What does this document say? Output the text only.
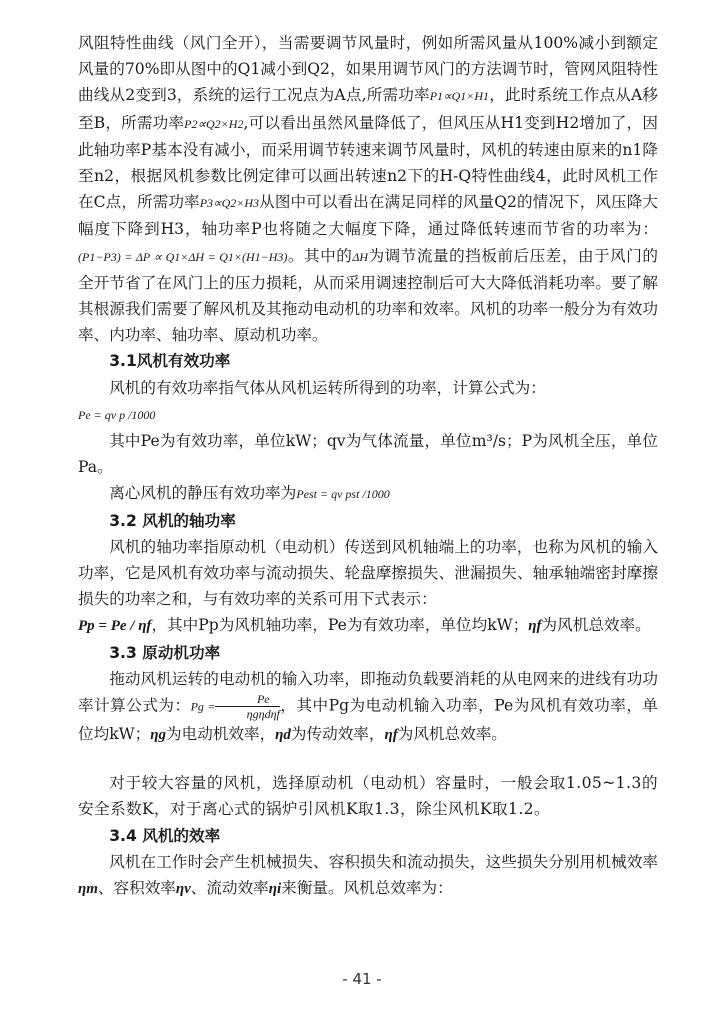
风阻特性曲线（风门全开），当需要调节风量时，例如所需风量从100%减小到额定风量的70%即从图中的Q1减小到Q2，如果用调节风门的方法调节时，管网风阻特性曲线从2变到3，系统的运行工况点为A点,所需功率P1∝Q1×H1，此时系统工作点从A移至B，所需功率P2∝Q2×H2,可以看出虽然风量降低了，但风压从H1变到H2增加了，因此轴功率P基本没有减小，而采用调节转速来调节风量时，风机的转速由原来的n1降至n2，根据风机参数比例定律可以画出转速n2下的H-Q特性曲线4，此时风机工作在C点，所需功率P3∝Q2×H3从图中可以看出在满足同样的风量Q2的情况下，风压降大幅度下降到H3，轴功率P也将随之大幅度下降，通过降低转速而节省的功率为：(P1−P3) = ΔP ∝ Q1×ΔH = Q1×(H1−H3)。其中的ΔH为调节流量的挡板前后压差，由于风门的全开节省了在风门上的压力损耗，从而采用调速控制后可大大降低消耗功率。要了解其根源我们需要了解风机及其拖动电动机的功率和效率。风机的功率一般分为有效功率、内功率、轴功率、原动机功率。

3.1风机有效功率

风机的有效功率指气体从风机运转所得到的功率，计算公式为：

Pe = qv p /1000

其中Pe为有效功率，单位kW；qv为气体流量，单位m³/s；P为风机全压，单位Pa。

离心风机的静压有效功率为Pest = qv pst /1000

3.2 风机的轴功率

风机的轴功率指原动机（电动机）传送到风机轴端上的功率，也称为风机的输入功率，它是风机有效功率与流动损失、轮盘摩擦损失、泄漏损失、轴承轴端密封摩擦损失的功率之和，与有效功率的关系可用下式表示：

Pp = Pe / ηf，其中Pp为风机轴功率，Pe为有效功率，单位均kW；ηf为风机总效率。

3.3 原动机功率

拖动风机运转的电动机的输入功率，即拖动负载要消耗的从电网来的进线有功功率计算公式为：$Pg = \frac{Pe}{\text{ηgηdηf}}$ ，其中Pg为电动机输入功率，Pe为风机有效功率，单位均kW；ηg为电动机效率，ηd为传动效率，ηf为风机总效率。

对于较大容量的风机，选择原动机（电动机）容量时，一般会取1.05~1.3的安全系数K，对于离心式的锅炉引风机K取1.3，除尘风机K取1.2。

3.4 风机的效率

风机在工作时会产生机械损失、容积损失和流动损失，这些损失分别用机械效率ηm、容积效率ηv、流动效率ηi来衡量。风机总效率为：

- 41 -
